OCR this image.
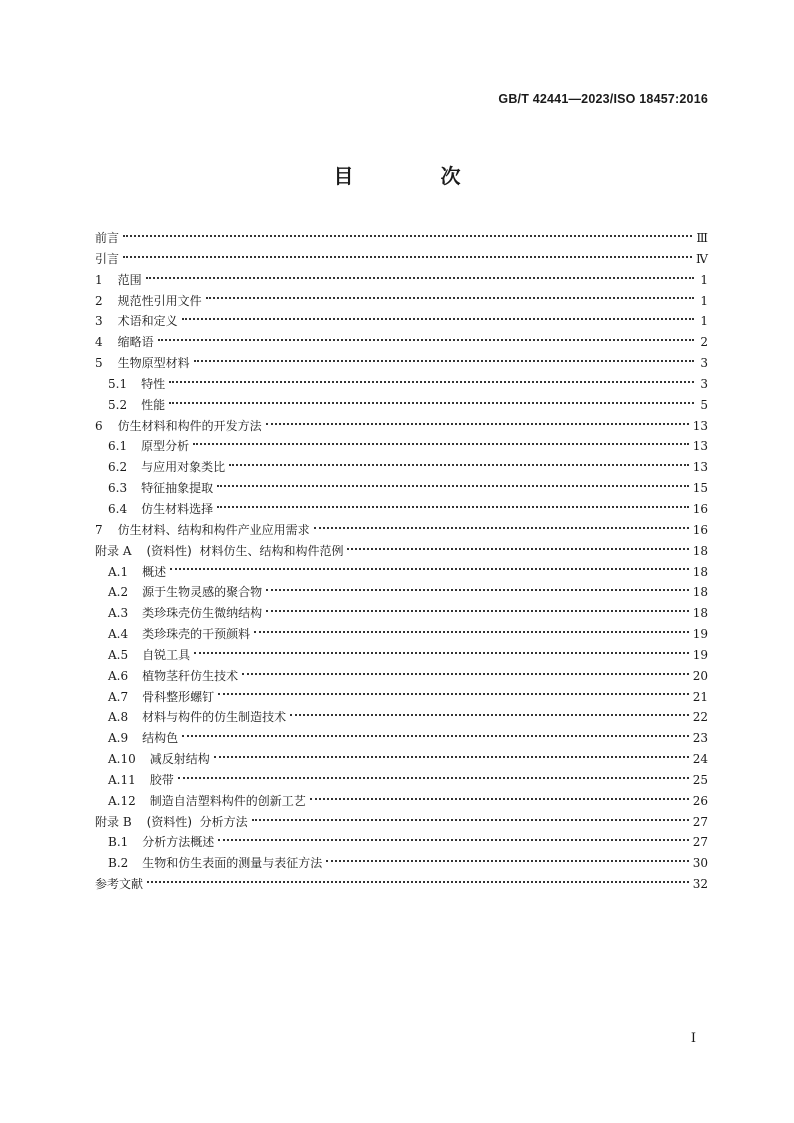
GB/T 42441—2023/ISO 18457:2016
目 次
前言	Ⅲ
引言	Ⅳ
1 范围	1
2 规范性引用文件	1
3 术语和定义	1
4 缩略语	2
5 生物原型材料	3
5.1 特性	3
5.2 性能	5
6 仿生材料和构件的开发方法	13
6.1 原型分析	13
6.2 与应用对象类比	13
6.3 特征抽象提取	15
6.4 仿生材料选择	16
7 仿生材料、结构和构件产业应用需求	16
附录 A (资料性)  材料仿生、结构和构件范例	18
A.1 概述	18
A.2 源于生物灵感的聚合物	18
A.3 类珍珠壳仿生微纳结构	18
A.4 类珍珠壳的干预颜料	19
A.5 自锐工具	19
A.6 植物茎秆仿生技术	20
A.7 骨科整形螺钉	21
A.8 材料与构件的仿生制造技术	22
A.9 结构色	23
A.10 减反射结构	24
A.11 胶带	25
A.12 制造自洁塑料构件的创新工艺	26
附录 B (资料性)  分析方法	27
B.1 分析方法概述	27
B.2 生物和仿生表面的测量与表征方法	30
参考文献	32
I
